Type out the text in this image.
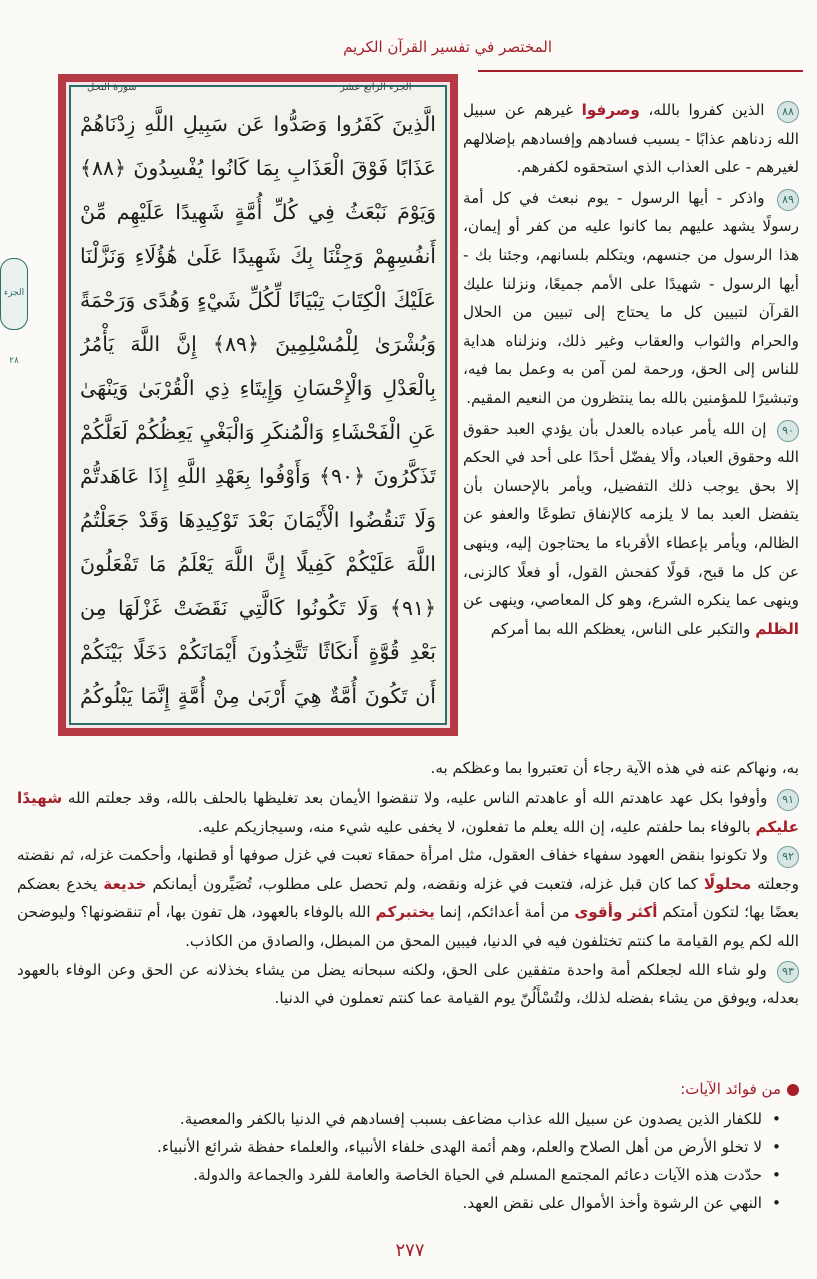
المختصر في تفسير القرآن الكريم
الجزء ٢٨
الجزء الرابع عشر
سورة النحل
الَّذِينَ كَفَرُوا وَصَدُّوا عَن سَبِيلِ اللَّهِ زِدْنَاهُمْ عَذَابًا فَوْقَ الْعَذَابِ بِمَا كَانُوا يُفْسِدُونَ ﴿٨٨﴾ وَيَوْمَ نَبْعَثُ فِي كُلِّ أُمَّةٍ شَهِيدًا عَلَيْهِم مِّنْ أَنفُسِهِمْ وَجِئْنَا بِكَ شَهِيدًا عَلَىٰ هَٰؤُلَاءِ وَنَزَّلْنَا عَلَيْكَ الْكِتَابَ تِبْيَانًا لِّكُلِّ شَيْءٍ وَهُدًى وَرَحْمَةً وَبُشْرَىٰ لِلْمُسْلِمِينَ ﴿٨٩﴾ إِنَّ اللَّهَ يَأْمُرُ بِالْعَدْلِ وَالْإِحْسَانِ وَإِيتَاءِ ذِي الْقُرْبَىٰ وَيَنْهَىٰ عَنِ الْفَحْشَاءِ وَالْمُنكَرِ وَالْبَغْيِ يَعِظُكُمْ لَعَلَّكُمْ تَذَكَّرُونَ ﴿٩٠﴾ وَأَوْفُوا بِعَهْدِ اللَّهِ إِذَا عَاهَدتُّمْ وَلَا تَنقُضُوا الْأَيْمَانَ بَعْدَ تَوْكِيدِهَا وَقَدْ جَعَلْتُمُ اللَّهَ عَلَيْكُمْ كَفِيلًا إِنَّ اللَّهَ يَعْلَمُ مَا تَفْعَلُونَ ﴿٩١﴾ وَلَا تَكُونُوا كَالَّتِي نَقَضَتْ غَزْلَهَا مِن بَعْدِ قُوَّةٍ أَنكَاثًا تَتَّخِذُونَ أَيْمَانَكُمْ دَخَلًا بَيْنَكُمْ أَن تَكُونَ أُمَّةٌ هِيَ أَرْبَىٰ مِنْ أُمَّةٍ إِنَّمَا يَبْلُوكُمُ

٨٨ الذين كفروا بالله، وصرفوا غيرهم عن سبيل الله زدناهم عذابًا - بسبب فسادهم وإفسادهم بإضلالهم لغيرهم - على العذاب الذي استحقوه لكفرهم.

٨٩ واذكر - أيها الرسول - يوم نبعث في كل أمة رسولًا يشهد عليهم بما كانوا عليه من كفر أو إيمان، هذا الرسول من جنسهم، ويتكلم بلسانهم، وجئنا بك - أيها الرسول - شهيدًا على الأمم جميعًا، ونزلنا عليك القرآن لتبيين كل ما يحتاج إلى تبيين من الحلال والحرام والثواب والعقاب وغير ذلك، ونزلناه هداية للناس إلى الحق، ورحمة لمن آمن به وعمل بما فيه، وتبشيرًا للمؤمنين بالله بما ينتظرون من النعيم المقيم.

٩٠ إن الله يأمر عباده بالعدل بأن يؤدي العبد حقوق الله وحقوق العباد، وألا يفضّل أحدًا على أحد في الحكم إلا بحق يوجب ذلك التفضيل، ويأمر بالإحسان بأن يتفضل العبد بما لا يلزمه كالإنفاق تطوعًا والعفو عن الظالم، ويأمر بإعطاء الأقرباء ما يحتاجون إليه، وينهى عن كل ما قبح، قولًا كفحش القول، أو فعلًا كالزنى، وينهى عما ينكره الشرع، وهو كل المعاصي، وينهى عن الظلم والتكبر على الناس، يعظكم الله بما أمركم

به، ونهاكم عنه في هذه الآية رجاء أن تعتبروا بما وعظكم به.

٩١ وأوفوا بكل عهد عاهدتم الله أو عاهدتم الناس عليه، ولا تنقضوا الأيمان بعد تغليظها بالحلف بالله، وقد جعلتم الله شهيدًا عليكم بالوفاء بما حلفتم عليه، إن الله يعلم ما تفعلون، لا يخفى عليه شيء منه، وسيجازيكم عليه.

٩٢ ولا تكونوا بنقض العهود سفهاء خفاف العقول، مثل امرأة حمقاء تعبت في غزل صوفها أو قطنها، وأحكمت غزله، ثم نقضته وجعلته محلولًا كما كان قبل غزله، فتعبت في غزله ونقضه، ولم تحصل على مطلوب، تُصَيِّرون أيمانكم خديعة يخدع بعضكم بعضًا بها؛ لتكون أمتكم أكثر وأقوى من أمة أعدائكم، إنما يختبركم الله بالوفاء بالعهود، هل تفون بها، أم تنقضونها؟ وليوضحن الله لكم يوم القيامة ما كنتم تختلفون فيه في الدنيا، فيبين المحق من المبطل، والصادق من الكاذب.

٩٣ ولو شاء الله لجعلكم أمة واحدة متفقين على الحق، ولكنه سبحانه يضل من يشاء بخذلانه عن الحق وعن الوفاء بالعهود بعدله، ويوفق من يشاء بفضله لذلك، ولتُسْأَلُنّ يوم القيامة عما كنتم تعملون في الدنيا.

من فوائد الآيات:
• للكفار الذين يصدون عن سبيل الله عذاب مضاعف بسبب إفسادهم في الدنيا بالكفر والمعصية.
• لا تخلو الأرض من أهل الصلاح والعلم، وهم أئمة الهدى خلفاء الأنبياء، والعلماء حفظة شرائع الأنبياء.
• حدّدت هذه الآيات دعائم المجتمع المسلم في الحياة الخاصة والعامة للفرد والجماعة والدولة.
• النهي عن الرشوة وأخذ الأموال على نقض العهد.
٢٧٧
